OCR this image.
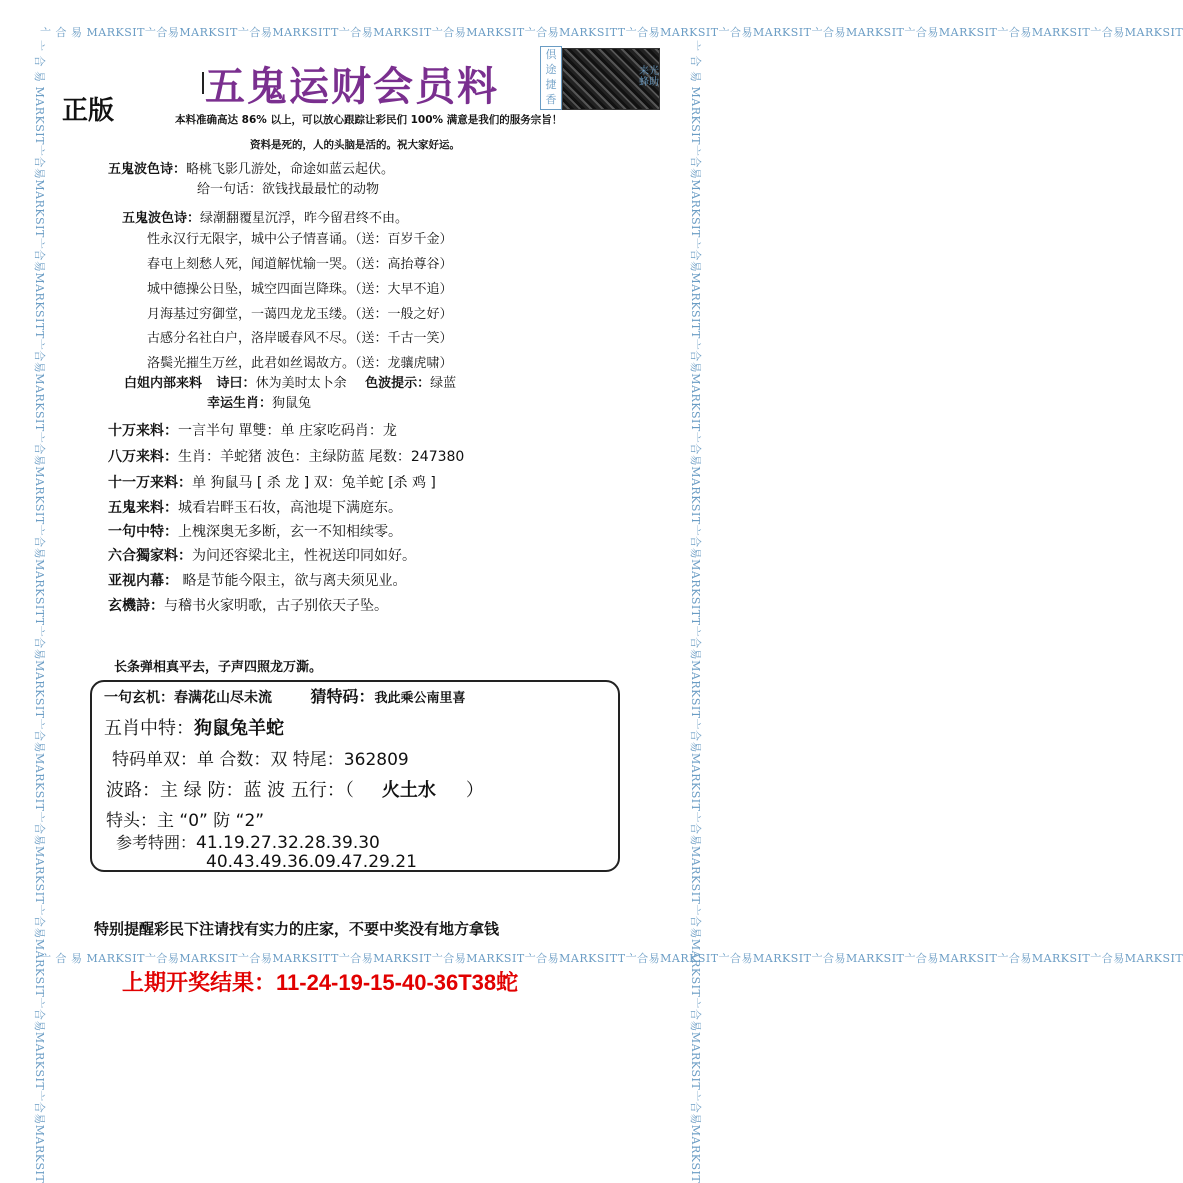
亠 合 易 MARKSIT亠合易MARKSIT亠合易MARKSITT亠合易MARKSIT亠合易MARKSIT亠合易MARKSITT亠合易MARKSIT亠合易MARKSIT亠合易MARKSIT亠合易MARKSIT亠合易MARKSIT亠合易MARKSIT
亠 合 易 MARKSIT亠合易MARKSIT亠合易MARKSITT亠合易MARKSIT亠合易MARKSIT亠合易MARKSITT亠合易MARKSIT亠合易MARKSIT亠合易MARKSIT亠合易MARKSIT亠合易MARKSIT亠合易MARKSIT
亠 合 易 MARKSIT亠合易MARKSIT亠合易MARKSITT亠合易MARKSIT亠合易MARKSIT亠合易MARKSITT亠合易MARKSIT亠合易MARKSIT亠合易MARKSIT亠合易MARKSIT亠合易MARKSIT亠合易MARKSIT	亠 合 易 MARKSIT亠合易MARKSIT亠合易MARKSITT亠合易MARKSIT亠合易MARKSIT亠合易MARKSITT亠合易MARKSIT亠合易MARKSIT亠合易MARKSIT亠合易MARKSIT亠合易MARKSIT亠合易MARKSIT
五鬼运财会员料
正版
倶途捷香
来光蜂助
本料准确高达 86% 以上，可以放心跟踪让彩民们 100% 满意是我们的服务宗旨！
资料是死的，人的头脑是活的。祝大家好运。
五鬼波色诗：略桃飞影几游处，命途如蓝云起伏。
给一句话：欲钱找最最忙的动物
五鬼波色诗：绿潮翻覆星沉浮，昨今留君终不由。
性永汉行无限字，城中公子情喜诵。（送：百岁千金）
春屯上刻愁人死，闻道解忧输一哭。（送：高抬尊谷）
城中德操公日坠，城空四面岂降珠。（送：大早不追）
月海基过穷御堂，一蔼四龙龙玉缕。（送：一般之好）
古感分名社白户，洛岸暖春风不尽。（送：千古一笑）
洛鬓光摧生万丝，此君如丝谒故方。（送：龙骧虎啸）
白姐内部来料 诗曰：休为美时太卜余 色波提示：绿蓝
幸运生肖：狗鼠兔
十万来料：一言半句 單雙：单 庄家吃码肖：龙
八万来料：生肖：羊蛇猪 波色：主绿防蓝 尾数：247380
十一万来料：单 狗鼠马 [ 杀 龙 ] 双：兔羊蛇 [杀 鸡 ]
五鬼来料：城看岩畔玉石妆，高池堤下满庭东。
一句中特：上槐深奥无多断，玄一不知相续零。
六合獨家料：为问还容梁北主，性祝送印同如好。
亚视内幕： 略是节能今限主，欲与离夫须见业。
玄機詩：与稽书火家明歌，古子别依天子坠。
长条弹相真平去，子声四照龙万澌。
一句玄机：春满花山尽未流 猜特码：我此乘公南里喜
五肖中特：狗鼠兔羊蛇
特码单双：单 合数：双 特尾：362809
波路：主 绿 防：蓝 波 五行：（ 火土水 ）
特头：主 “0” 防 “2”
参考特囲：41.19.27.32.28.39.30
40.43.49.36.09.47.29.21
特别提醒彩民下注请找有实力的庄家，不要中奖没有地方拿钱
上期开奖结果：11-24-19-15-40-36T38蛇
